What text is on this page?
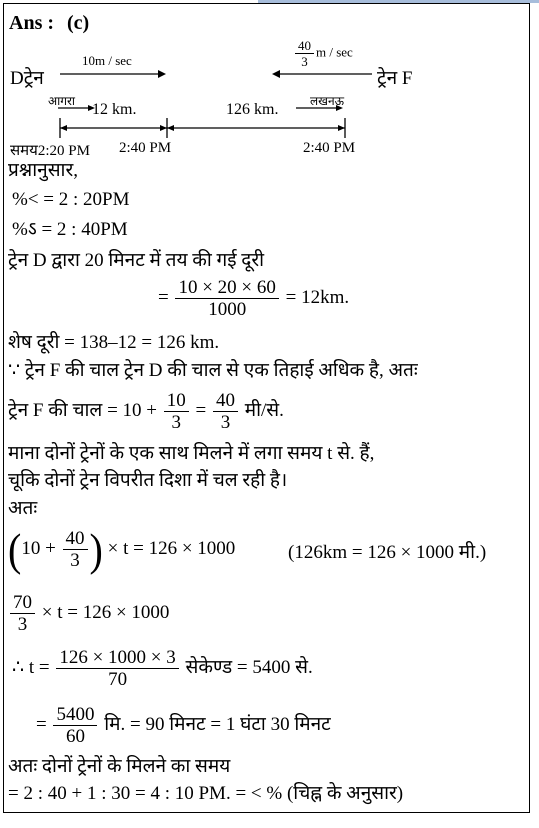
Ans : (c)
Dट्रेन
10m / sec	$\frac{40}{3}$ m / sec
ट्रेन F
आगरा	लखनऊ
12 km.	126 km.
समय2:20 PM 2:40 PM	2:40 PM
प्रश्नानुसार,
%< = 2 : 20PM
%ऽ = 2 : 40PM
ट्रेन D द्वारा 20 मिनट में तय की गई दूरी
= $\frac{10 \times 20 \times 60}{1000} = 12km$.
शेष दूरी = 138–12 = 126 km.
∵ ट्रेन F की चाल ट्रेन D की चाल से एक तिहाई अधिक है, अतः
ट्रेन F की चाल = $10 + \frac{10}{3} = \frac{40}{3}$ मी/से.
माना दोनों ट्रेनों के एक साथ मिलने में लगा समय t से. हैं,
चूकि दोनों ट्रेन विपरीत दिशा में चल रही है।
अतः
($10 + \frac{40}{3}$ ) × t = 126 × 1000	(126km = 126 × 1000 मी.)
$\frac{70}{3} \times t = 126 \times 1000$
∴ $t = \frac{126 \times 1000 \times 3}{70}$ सेकेण्ड = 5400 से.
= $\frac{5400}{60}$ मि. = 90 मिनट = 1 घंटा 30 मिनट
अतः दोनों ट्रेनों के मिलने का समय
= 2 : 40 + 1 : 30 = 4 : 10 PM. = < % (चिह्न के अनुसार)
